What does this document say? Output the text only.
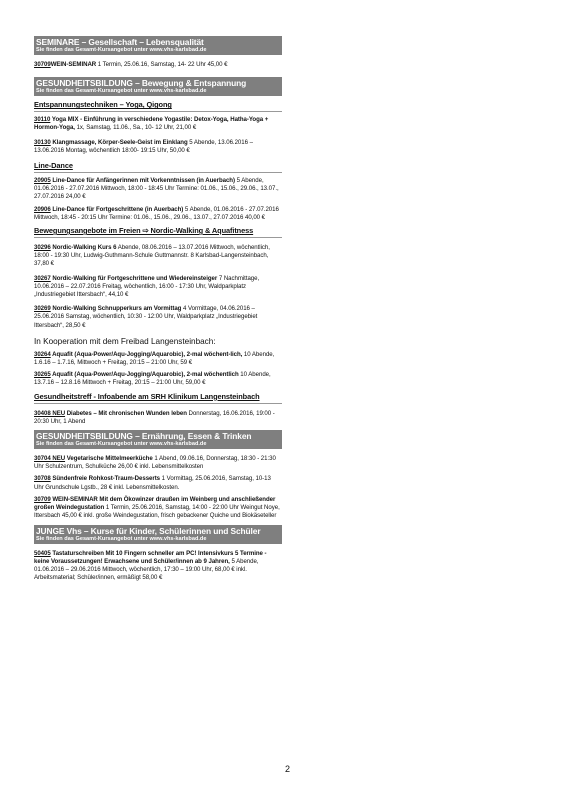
SEMINARE – Gesellschaft – Lebensqualität
Sie finden das Gesamt-Kursangebot unter www.vhs-karlsbad.de
30709WEIN-SEMINAR 1 Termin, 25.06.16, Samstag, 14- 22 Uhr 45,00 €
GESUNDHEITSBILDUNG – Bewegung & Entspannung
Sie finden das Gesamt-Kursangebot unter www.vhs-karlsbad.de
Entspannungstechniken – Yoga, Qigong
30110 Yoga MIX - Einführung in verschiedene Yogastile: Detox-Yoga, Hatha-Yoga + Hormon-Yoga, 1x, Samstag, 11.06., Sa., 10- 12 Uhr, 21,00 €
30130 Klangmassage, Körper-Seele-Geist im Einklang 5 Abende, 13.06.2016 – 13.06.2016 Montag, wöchentlich 18:00- 19:15 Uhr, 50,00 €
Line-Dance
20905 Line-Dance für Anfängerinnen mit Vorkenntnissen (in Auerbach) 5 Abende, 01.06.2016 - 27.07.2016 Mittwoch, 18:00 - 18:45 Uhr Termine: 01.06., 15.06., 29.06., 13.07., 27.07.2016 24,00 €
20906 Line-Dance für Fortgeschrittene (in Auerbach) 5 Abende, 01.06.2016 - 27.07.2016 Mittwoch, 18:45 - 20:15 Uhr Termine: 01.06., 15.06., 29.06., 13.07., 27.07.2016 40,00 €
Bewegungsangebote im Freien ⇨ Nordic-Walking & Aquafitness
30296 Nordic-Walking Kurs 6 Abende, 08.06.2016 – 13.07.2016 Mittwoch, wöchentlich, 18:00 - 19:30 Uhr, Ludwig-Guthmann-Schule Guttmannstr. 8 Karlsbad-Langensteinbach, 37,80 €
30267 Nordic-Walking für Fortgeschrittene und Wiedereinsteiger 7 Nachmittage, 10.06.2016 – 22.07.2016 Freitag, wöchentlich, 16:00 - 17:30 Uhr, Waldparkplatz „Industriegebiet Ittersbach“, 44,10 €
30269 Nordic-Walking Schnupperkurs am Vormittag 4 Vormittage, 04.06.2016 – 25.06.2016 Samstag, wöchentlich, 10:30 - 12:00 Uhr, Waldparkplatz „Industriegebiet Ittersbach“, 28,50 €
In Kooperation mit dem Freibad Langensteinbach:
30264 Aquafit (Aqua-Power/Aqu-Jogging/Aquarobic), 2-mal wöchent-lich, 10 Abende, 1.6.16 – 1.7.16, Mittwoch + Freitag, 20:15 – 21:00 Uhr, 59 €
30265 Aquafit (Aqua-Power/Aqu-Jogging/Aquarobic), 2-mal wöchentlich 10 Abende, 13.7.16 – 12.8.16 Mittwoch + Freitag, 20:15 – 21:00 Uhr, 59,00 €
Gesundheitstreff - Infoabende am SRH Klinikum Langensteinbach
30408 NEU Diabetes – Mit chronischen Wunden leben Donnerstag, 16.06.2016, 19:00 - 20:30 Uhr, 1 Abend
GESUNDHEITSBILDUNG – Ernährung, Essen & Trinken
Sie finden das Gesamt-Kursangebot unter www.vhs-karlsbad.de
30704 NEU Vegetarische Mittelmeerküche 1 Abend, 09.06.16, Donnerstag, 18:30 - 21:30 Uhr Schulzentrum, Schulküche 26,00 € inkl. Lebensmittelkosten
30708 Sündenfreie Rohkost-Traum-Desserts 1 Vormittag, 25.06.2016, Samstag, 10-13 Uhr Grundschule Lgstb., 28 € inkl. Lebensmittelkosten.
30709 WEIN-SEMINAR Mit dem Ökowinzer draußen im Weinberg und anschließender großen Weindegustation 1 Termin, 25.06.2016, Samstag, 14:00 - 22:00 Uhr Weingut Noye, Ittersbach 45,00 € inkl. große Weindegustation, frisch gebackener Quiche und Biokäseteller
JUNGE Vhs – Kurse für Kinder, Schülerinnen und Schüler
Sie finden das Gesamt-Kursangebot unter www.vhs-karlsbad.de
50405 Tastaturschreiben Mit 10 Fingern schneller am PC! Intensivkurs 5 Termine - keine Voraussetzungen! Erwachsene und Schüler/innen ab 9 Jahren, 5 Abende, 01.06.2016 – 29.06.2016 Mittwoch, wöchentlich, 17:30 – 19:00 Uhr, 68,00 € inkl. Arbeitsmaterial; Schüler/innen, ermäßigt 58,00 €
2
